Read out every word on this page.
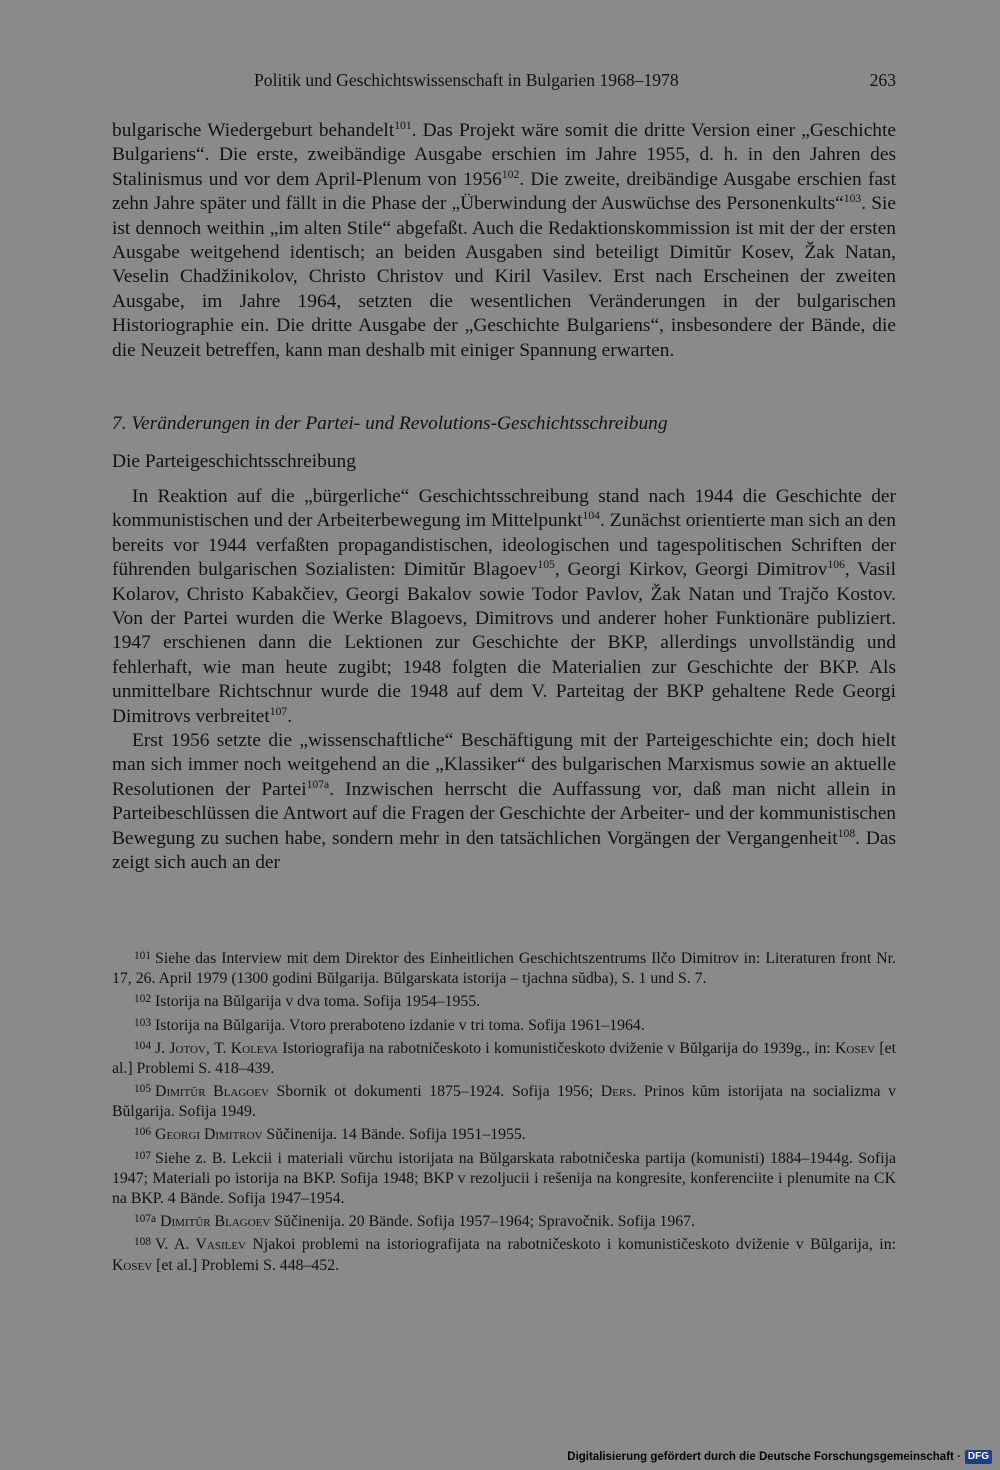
Politik und Geschichtswissenschaft in Bulgarien 1968–1978	263

bulgarische Wiedergeburt behandelt$^{101}$. Das Projekt wäre somit die dritte Version einer „Geschichte Bulgariens“. Die erste, zweibändige Ausgabe erschien im Jahre 1955, d. h. in den Jahren des Stalinismus und vor dem April-Plenum von 1956$^{102}$. Die zweite, dreibändige Ausgabe erschien fast zehn Jahre später und fällt in die Phase der „Überwindung der Auswüchse des Personenkults“$^{103}$. Sie ist dennoch weithin „im alten Stile“ abgefaßt. Auch die Redaktionskommission ist mit der der ersten Ausgabe weitgehend identisch; an beiden Ausgaben sind beteiligt Dimitŭr Kosev, Žak Natan, Veselin Chadžinikolov, Christo Christov und Kiril Vasilev. Erst nach Erscheinen der zweiten Ausgabe, im Jahre 1964, setzten die wesentlichen Veränderungen in der bulgarischen Historiographie ein. Die dritte Ausgabe der „Geschichte Bulgariens“, insbesondere der Bände, die die Neuzeit betreffen, kann man deshalb mit einiger Spannung erwarten.

7. Veränderungen in der Partei- und Revolutions-Geschichtsschreibung
Die Parteigeschichtsschreibung

In Reaktion auf die „bürgerliche“ Geschichtsschreibung stand nach 1944 die Geschichte der kommunistischen und der Arbeiterbewegung im Mittelpunkt$^{104}$. Zunächst orientierte man sich an den bereits vor 1944 verfaßten propagandistischen, ideologischen und tagespolitischen Schriften der führenden bulgarischen Sozialisten: Dimitŭr Blagoev$^{105}$, Georgi Kirkov, Georgi Dimitrov$^{106}$, Vasil Kolarov, Christo Kabakčiev, Georgi Bakalov sowie Todor Pavlov, Žak Natan und Trajčo Kostov. Von der Partei wurden die Werke Blagoevs, Dimitrovs und anderer hoher Funktionäre publiziert. 1947 erschienen dann die Lektionen zur Geschichte der BKP, allerdings unvollständig und fehlerhaft, wie man heute zugibt; 1948 folgten die Materialien zur Geschichte der BKP. Als unmittelbare Richtschnur wurde die 1948 auf dem V. Parteitag der BKP gehaltene Rede Georgi Dimitrovs verbreitet$^{107}$.

Erst 1956 setzte die „wissenschaftliche“ Beschäftigung mit der Parteigeschichte ein; doch hielt man sich immer noch weitgehend an die „Klassiker“ des bulgarischen Marxismus sowie an aktuelle Resolutionen der Partei$^{107a}$. Inzwischen herrscht die Auffassung vor, daß man nicht allein in Parteibeschlüssen die Antwort auf die Fragen der Geschichte der Arbeiter- und der kommunistischen Bewegung zu suchen habe, sondern mehr in den tatsächlichen Vorgängen der Vergangenheit$^{108}$. Das zeigt sich auch an der

$^{101}$ Siehe das Interview mit dem Direktor des Einheitlichen Geschichtszentrums Ilčo Dimitrov in: Literaturen front Nr. 17, 26. April 1979 (1300 godini Bŭlgarija. Bŭlgarskata istorija – tjachna sŭdba), S. 1 und S. 7.

$^{102}$ Istorija na Bŭlgarija v dva toma. Sofija 1954–1955.

$^{103}$ Istorija na Bŭlgarija. Vtoro preraboteno izdanie v tri toma. Sofija 1961–1964.

$^{104}$ J. Jotov, T. Koleva Istoriografija na rabotničeskoto i komunističeskoto dviženie v Bŭlgarija do 1939g., in: Kosev [et al.] Problemi S. 418–439.

$^{105}$ Dimitŭr Blagoev Sbornik ot dokumenti 1875–1924. Sofija 1956; Ders. Prinos kŭm istorijata na socializma v Bŭlgarija. Sofija 1949.

$^{106}$ Georgi Dimitrov Sŭčinenija. 14 Bände. Sofija 1951–1955.

$^{107}$ Siehe z. B. Lekcii i materiali vŭrchu istorijata na Bŭlgarskata rabotničeska partija (komunisti) 1884–1944g. Sofija 1947; Materiali po istorija na BKP. Sofija 1948; BKP v rezoljucii i rešenija na kongresite, konferenciite i plenumite na CK na BKP. 4 Bände. Sofija 1947–1954.

$^{107a}$ Dimitŭr Blagoev Sŭčinenija. 20 Bände. Sofija 1957–1964; Spravočnik. Sofija 1967.

$^{108}$ V. A. Vasilev Njakoi problemi na istoriografijata na rabotničeskoto i komunističeskoto dviženie v Bŭlgarija, in: Kosev [et al.] Problemi S. 448–452.

Digitalisierung gefördert durch die Deutsche Forschungsgemeinschaft · DFG
